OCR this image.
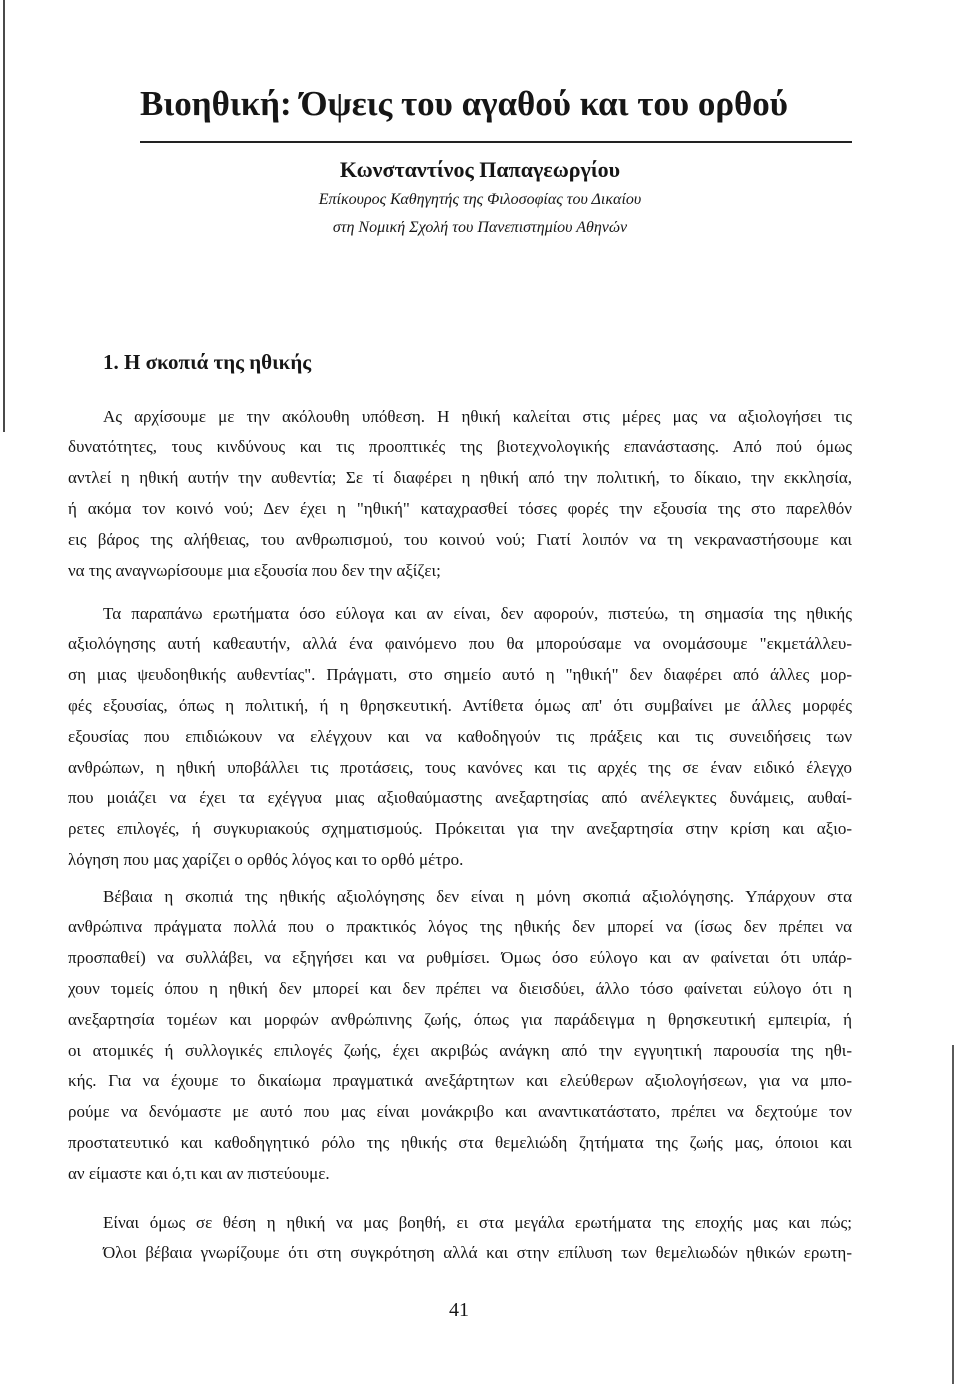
Βιοηθική: Όψεις του αγαθού και του ορθού
Κωνσταντίνος Παπαγεωργίου
Επίκουρος Καθηγητής της Φιλοσοφίας του Δικαίου
στη Νομική Σχολή του Πανεπιστημίου Αθηνών
1. Η σκοπιά της ηθικής
Ας αρχίσουμε με την ακόλουθη υπόθεση. Η ηθική καλείται στις μέρες μας να αξιολογήσει τις
δυνατότητες, τους κινδύνους και τις προοπτικές της βιοτεχνολογικής επανάστασης. Από πού όμως
αντλεί η ηθική αυτήν την αυθεντία; Σε τί διαφέρει η ηθική από την πολιτική, το δίκαιο, την εκκλησία,
ή ακόμα τον κοινό νού; Δεν έχει η "ηθική" καταχρασθεί τόσες φορές την εξουσία της στο παρελθόν
εις βάρος της αλήθειας, του ανθρωπισμού, του κοινού νού; Γιατί λοιπόν να τη νεκραναστήσουμε και
να της αναγνωρίσουμε μια εξουσία που δεν την αξίζει;
Τα παραπάνω ερωτήματα όσο εύλογα και αν είναι, δεν αφορούν, πιστεύω, τη σημασία της ηθικής
αξιολόγησης αυτή καθεαυτήν, αλλά ένα φαινόμενο που θα μπορούσαμε να ονομάσουμε "εκμετάλλευ-
ση μιας ψευδοηθικής αυθεντίας". Πράγματι, στο σημείο αυτό η "ηθική" δεν διαφέρει από άλλες μορ-
φές εξουσίας, όπως η πολιτική, ή η θρησκευτική. Αντίθετα όμως απ' ότι συμβαίνει με άλλες μορφές
εξουσίας που επιδιώκουν να ελέγχουν και να καθοδηγούν τις πράξεις και τις συνειδήσεις των
ανθρώπων, η ηθική υποβάλλει τις προτάσεις, τους κανόνες και τις αρχές της σε έναν ειδικό έλεγχο
που μοιάζει να έχει τα εχέγγυα μιας αξιοθαύμαστης ανεξαρτησίας από ανέλεγκτες δυνάμεις, αυθαί-
ρετες επιλογές, ή συγκυριακούς σχηματισμούς. Πρόκειται για την ανεξαρτησία στην κρίση και αξιο-
λόγηση που μας χαρίζει ο ορθός λόγος και το ορθό μέτρο.
Βέβαια η σκοπιά της ηθικής αξιολόγησης δεν είναι η μόνη σκοπιά αξιολόγησης. Υπάρχουν στα
ανθρώπινα πράγματα πολλά που ο πρακτικός λόγος της ηθικής δεν μπορεί να (ίσως δεν πρέπει να
προσπαθεί) να συλλάβει, να εξηγήσει και να ρυθμίσει. Όμως όσο εύλογο και αν φαίνεται ότι υπάρ-
χουν τομείς όπου η ηθική δεν μπορεί και δεν πρέπει να διεισδύει, άλλο τόσο φαίνεται εύλογο ότι η
ανεξαρτησία τομέων και μορφών ανθρώπινης ζωής, όπως για παράδειγμα η θρησκευτική εμπειρία, ή
οι ατομικές ή συλλογικές επιλογές ζωής, έχει ακριβώς ανάγκη από την εγγυητική παρουσία της ηθι-
κής. Για να έχουμε το δικαίωμα πραγματικά ανεξάρτητων και ελεύθερων αξιολογήσεων, για να μπο-
ρούμε να δενόμαστε με αυτό που μας είναι μονάκριβο και αναντικατάστατο, πρέπει να δεχτούμε τον
προστατευτικό και καθοδηγητικό ρόλο της ηθικής στα θεμελιώδη ζητήματα της ζωής μας, όποιοι και
αν είμαστε και ό,τι και αν πιστεύουμε.
Είναι όμως σε θέση η ηθική να μας βοηθή, ει στα μεγάλα ερωτήματα της εποχής μας και πώς;
Όλοι βέβαια γνωρίζουμε ότι στη συγκρότηση αλλά και στην επίλυση των θεμελιωδών ηθικών ερωτη-
41
